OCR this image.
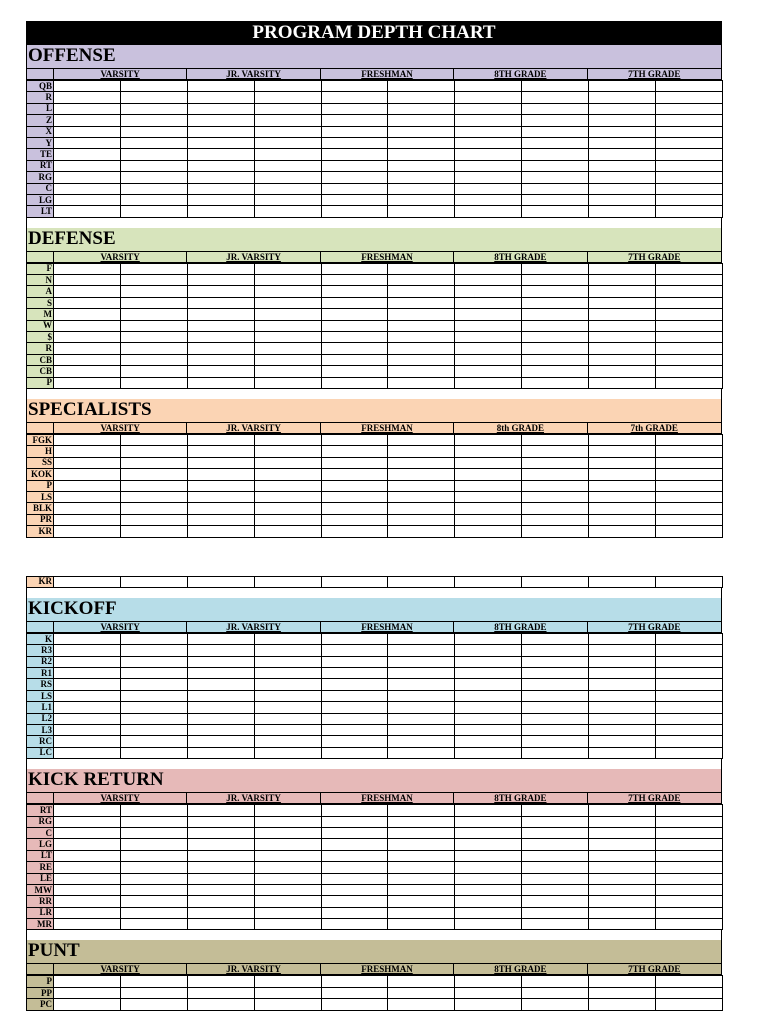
PROGRAM DEPTH CHART
OFFENSE
VARSITY	JR. VARSITY	FRESHMAN	8TH GRADE	7TH GRADE
QB										
R										
L										
Z										
X										
Y										
TE										
RT										
RG										
C										
LG										
LT										
DEFENSE
VARSITY	JR. VARSITY	FRESHMAN	8TH GRADE	7TH GRADE
F										
N										
A										
S										
M										
W										
$										
R										
CB										
CB										
P										
SPECIALISTS
VARSITY	JR. VARSITY	FRESHMAN	8th GRADE	7th GRADE
FGK										
H										
SS										
KOK										
P										
LS										
BLK										
PR										
KR										
KR										
KICKOFF
VARSITY	JR. VARSITY	FRESHMAN	8TH GRADE	7TH GRADE
K										
R3										
R2										
R1										
RS										
LS										
L1										
L2										
L3										
RC										
LC										
KICK RETURN
VARSITY	JR. VARSITY	FRESHMAN	8TH GRADE	7TH GRADE
RT										
RG										
C										
LG										
LT										
RE										
LE										
MW										
RR										
LR										
MR										
PUNT
VARSITY	JR. VARSITY	FRESHMAN	8TH GRADE	7TH GRADE
P										
PP										
PC										
